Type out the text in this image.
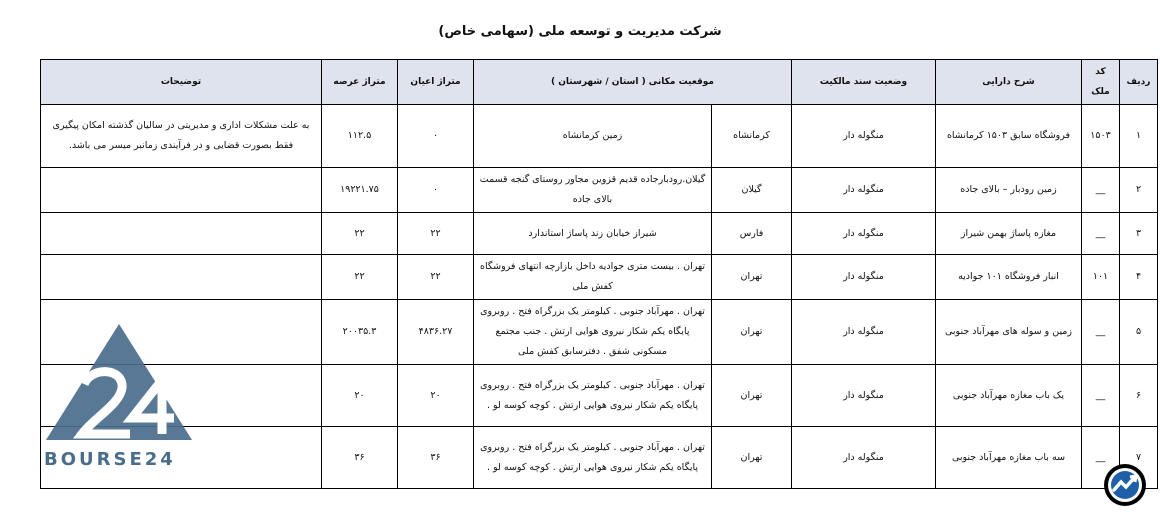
شرکت مدیریت و توسعه ملی (سهامی خاص)
ردیف	کد ملک	شرح دارایی	وضعیت سند مالکیت	موقعیت مکانی ( استان / شهرستان )		متراژ اعیان	متراژ عرصه	توضیحات
۱	۱۵۰۳	فروشگاه سابق ۱۵۰۳ کرمانشاه	منگوله دار	کرمانشاه	زمین کرمانشاه	۰	۱۱۲.۵	به علت مشکلات اداری و مدیریتی در سالیان گذشته امکان پیگیری فقط بصورت قضایی و در فرآیندی زمانبر میسر می باشد.
۲	__	زمین رودبار – بالای جاده	منگوله دار	گیلان	گیلان.رودبارجاده قدیم قزوین مجاور روستای گنجه قسمت بالای جاده	۰	۱۹۲۲۱.۷۵	
۳	__	مغازه پاساژ بهمن شیراز	منگوله دار	فارس	شیراز خیابان زند پاساژ استاندارد	۲۲	۲۲	
۴	۱۰۱	انبار فروشگاه ۱۰۱ جوادیه	منگوله دار	تهران	تهران . بیست متری جوادیه داخل بازارچه انتهای فروشگاه کفش ملی	۲۲	۲۲	
۵	__	زمین و سوله های مهرآباد جنوبی	منگوله دار	تهران	تهران . مهرآباد جنوبی . کیلومتر یک بزرگراه فتح . روبروی پایگاه یکم شکار نیروی هوایی ارتش . جنب مجتمع مسکونی شفق . دفترسابق کفش ملی	۴۸۳۶.۲۷	۲۰۰۳۵.۳	
۶	__	یک باب مغازه مهرآباد جنوبی	منگوله دار	تهران	تهران . مهرآباد جنوبی . کیلومتر یک بزرگراه فتح . روبروی پایگاه یکم شکار نیروی هوایی ارتش . کوچه کوسه لو .	۲۰	۲۰	
۷	__	سه باب مغازه مهرآباد جنوبی	منگوله دار	تهران	تهران . مهرآباد جنوبی . کیلومتر یک بزرگراه فتح . روبروی پایگاه یکم شکار نیروی هوایی ارتش . کوچه کوسه لو .	۳۶	۳۶	
BOURSE24
